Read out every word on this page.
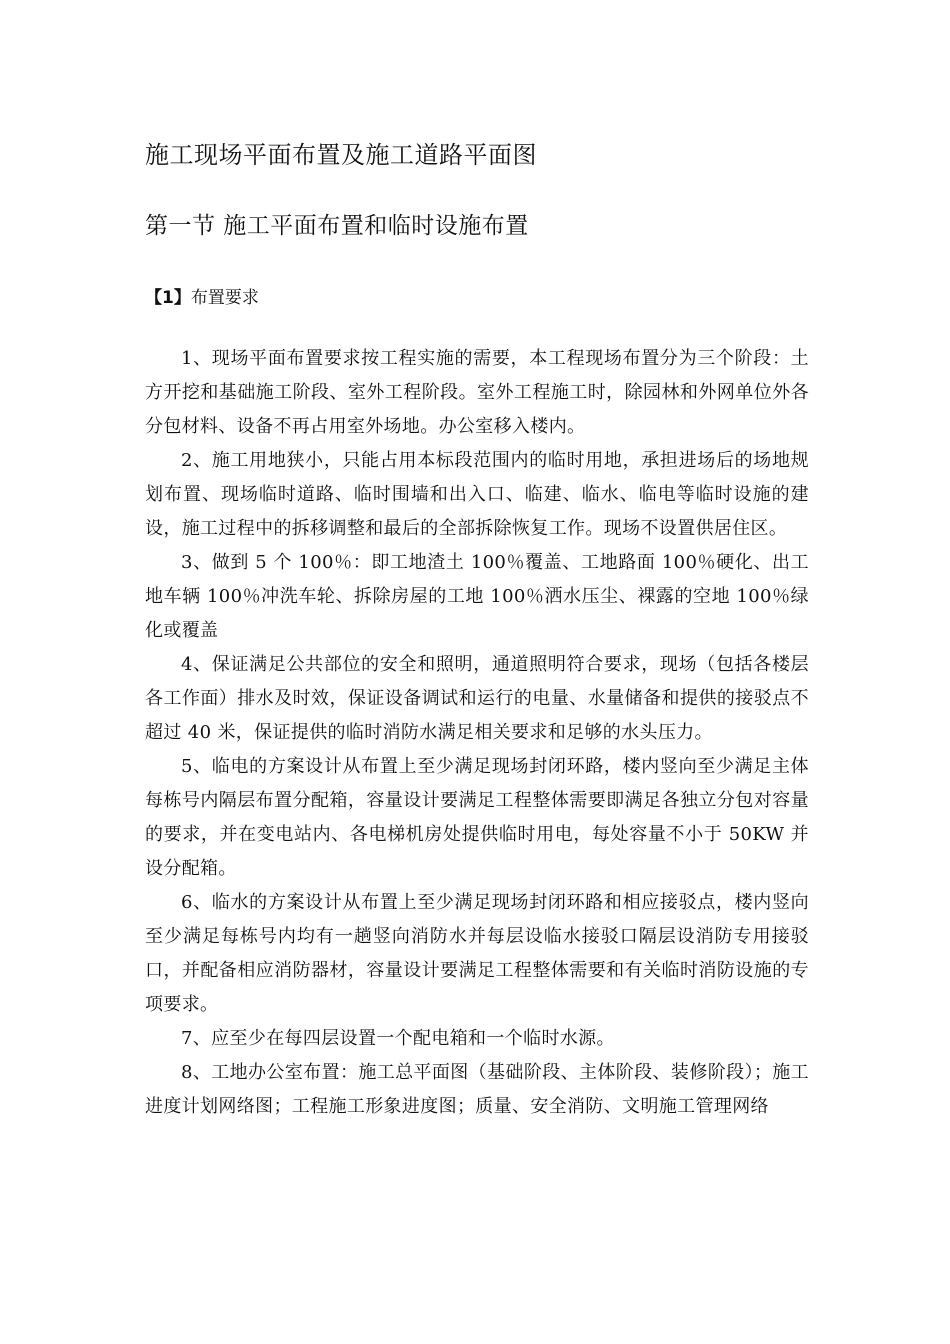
施工现场平面布置及施工道路平面图
第一节 施工平面布置和临时设施布置
【1】布置要求

1、现场平面布置要求按工程实施的需要，本工程现场布置分为三个阶段：土方开挖和基础施工阶段、室外工程阶段。室外工程施工时，除园林和外网单位外各分包材料、设备不再占用室外场地。办公室移入楼内。

2、施工用地狭小，只能占用本标段范围内的临时用地，承担进场后的场地规划布置、现场临时道路、临时围墙和出入口、临建、临水、临电等临时设施的建设，施工过程中的拆移调整和最后的全部拆除恢复工作。现场不设置供居住区。

3、做到 5 个 100％：即工地渣土 100％覆盖、工地路面 100％硬化、出工地车辆 100％冲洗车轮、拆除房屋的工地 100％洒水压尘、裸露的空地 100％绿化或覆盖

4、保证满足公共部位的安全和照明，通道照明符合要求，现场（包括各楼层各工作面）排水及时效，保证设备调试和运行的电量、水量储备和提供的接驳点不超过 40 米，保证提供的临时消防水满足相关要求和足够的水头压力。

5、临电的方案设计从布置上至少满足现场封闭环路，楼内竖向至少满足主体每栋号内隔层布置分配箱，容量设计要满足工程整体需要即满足各独立分包对容量的要求，并在变电站内、各电梯机房处提供临时用电，每处容量不小于 50KW 并设分配箱。

6、临水的方案设计从布置上至少满足现场封闭环路和相应接驳点，楼内竖向至少满足每栋号内均有一趟竖向消防水并每层设临水接驳口隔层设消防专用接驳口，并配备相应消防器材，容量设计要满足工程整体需要和有关临时消防设施的专项要求。

7、应至少在每四层设置一个配电箱和一个临时水源。

8、工地办公室布置：施工总平面图（基础阶段、主体阶段、装修阶段）；施工进度计划网络图；工程施工形象进度图；质量、安全消防、文明施工管理网络
